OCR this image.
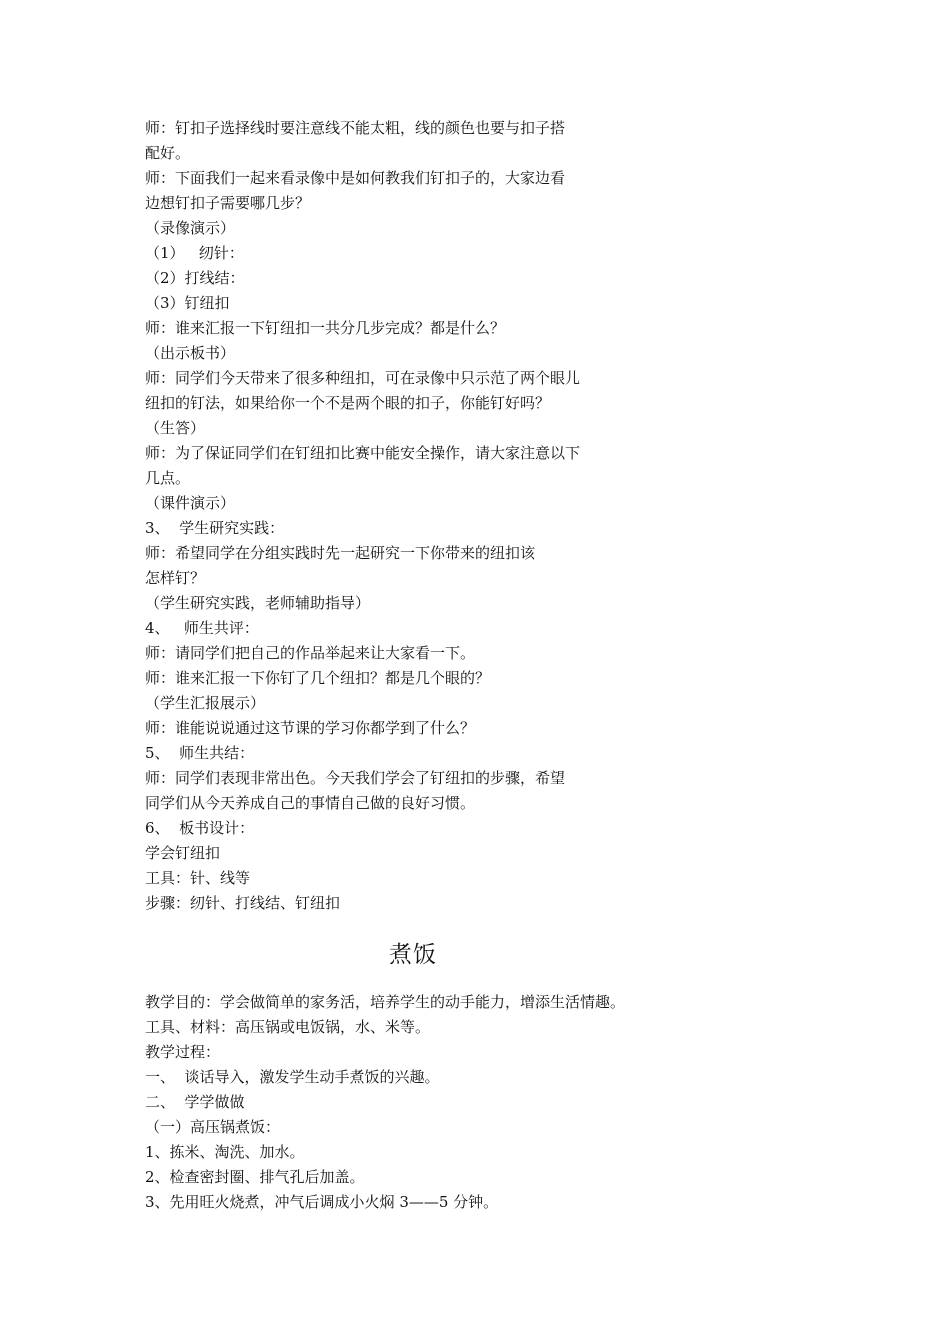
师：钉扣子选择线时要注意线不能太粗，线的颜色也要与扣子搭
配好。
师：下面我们一起来看录像中是如何教我们钉扣子的，大家边看
边想钉扣子需要哪几步？
（录像演示）
（1）   纫针：
（2）打线结：
（3）钉纽扣
师：谁来汇报一下钉纽扣一共分几步完成？都是什么？
（出示板书）
师：同学们今天带来了很多种纽扣，可在录像中只示范了两个眼儿
纽扣的钉法，如果给你一个不是两个眼的扣子，你能钉好吗？
（生答）
师：为了保证同学们在钉纽扣比赛中能安全操作，请大家注意以下
几点。
（课件演示）
3、  学生研究实践：
师：希望同学在分组实践时先一起研究一下你带来的纽扣该
怎样钉？
（学生研究实践，老师辅助指导）
4、   师生共评：
师：请同学们把自己的作品举起来让大家看一下。
师：谁来汇报一下你钉了几个纽扣？都是几个眼的？
（学生汇报展示）
师：谁能说说通过这节课的学习你都学到了什么？
5、  师生共结：
师：同学们表现非常出色。今天我们学会了钉纽扣的步骤，希望
同学们从今天养成自己的事情自己做的良好习惯。
6、  板书设计：
学会钉纽扣
工具：针、线等
步骤：纫针、打线结、钉纽扣
煮饭
教学目的：学会做简单的家务活，培养学生的动手能力，增添生活情趣。
工具、材料：高压锅或电饭锅，水、米等。
教学过程：
一、  谈话导入，激发学生动手煮饭的兴趣。
二、  学学做做
（一）高压锅煮饭：
1、拣米、淘洗、加水。
2、检查密封圈、排气孔后加盖。
3、先用旺火烧煮，冲气后调成小火焖 3——5 分钟。
